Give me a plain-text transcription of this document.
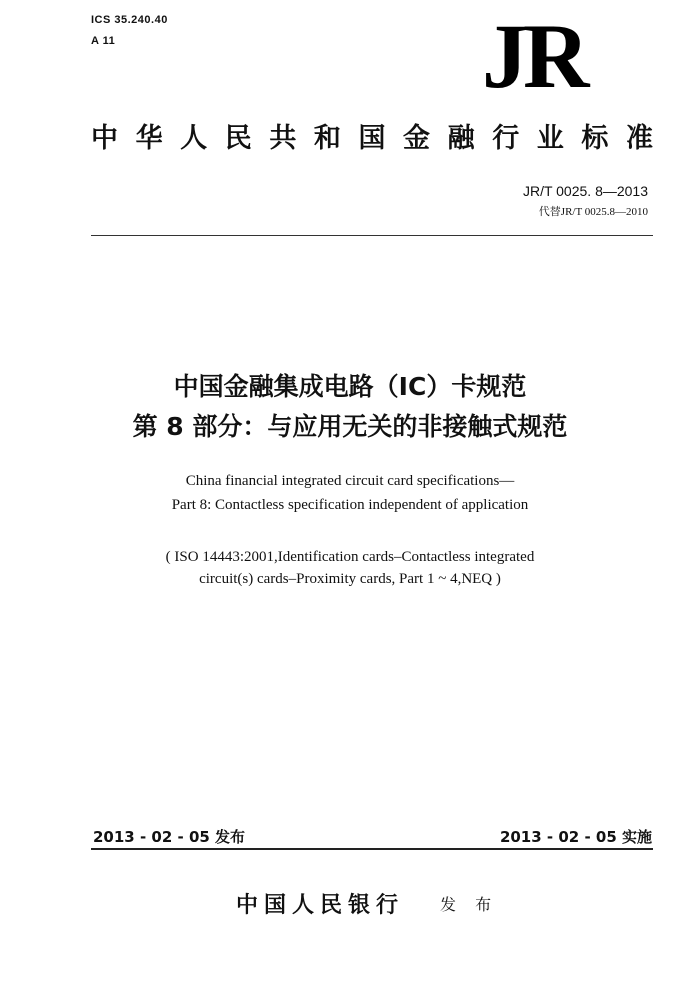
ICS 35.240.40
A 11	JR
中 华 人 民 共 和 国 金 融 行 业 标 准
JR/T 0025. 8—2013
代替JR/T 0025.8—2010
中国金融集成电路（IC）卡规范
第 8 部分：与应用无关的非接触式规范
China financial integrated circuit card specifications—
Part 8: Contactless specification independent of application
( ISO 14443:2001,Identification cards–Contactless integrated
circuit(s) cards–Proximity cards, Part 1 ~ 4,NEQ )
2013 - 02 - 05 发布	2013 - 02 - 05 实施
中国人民银行 发 布
